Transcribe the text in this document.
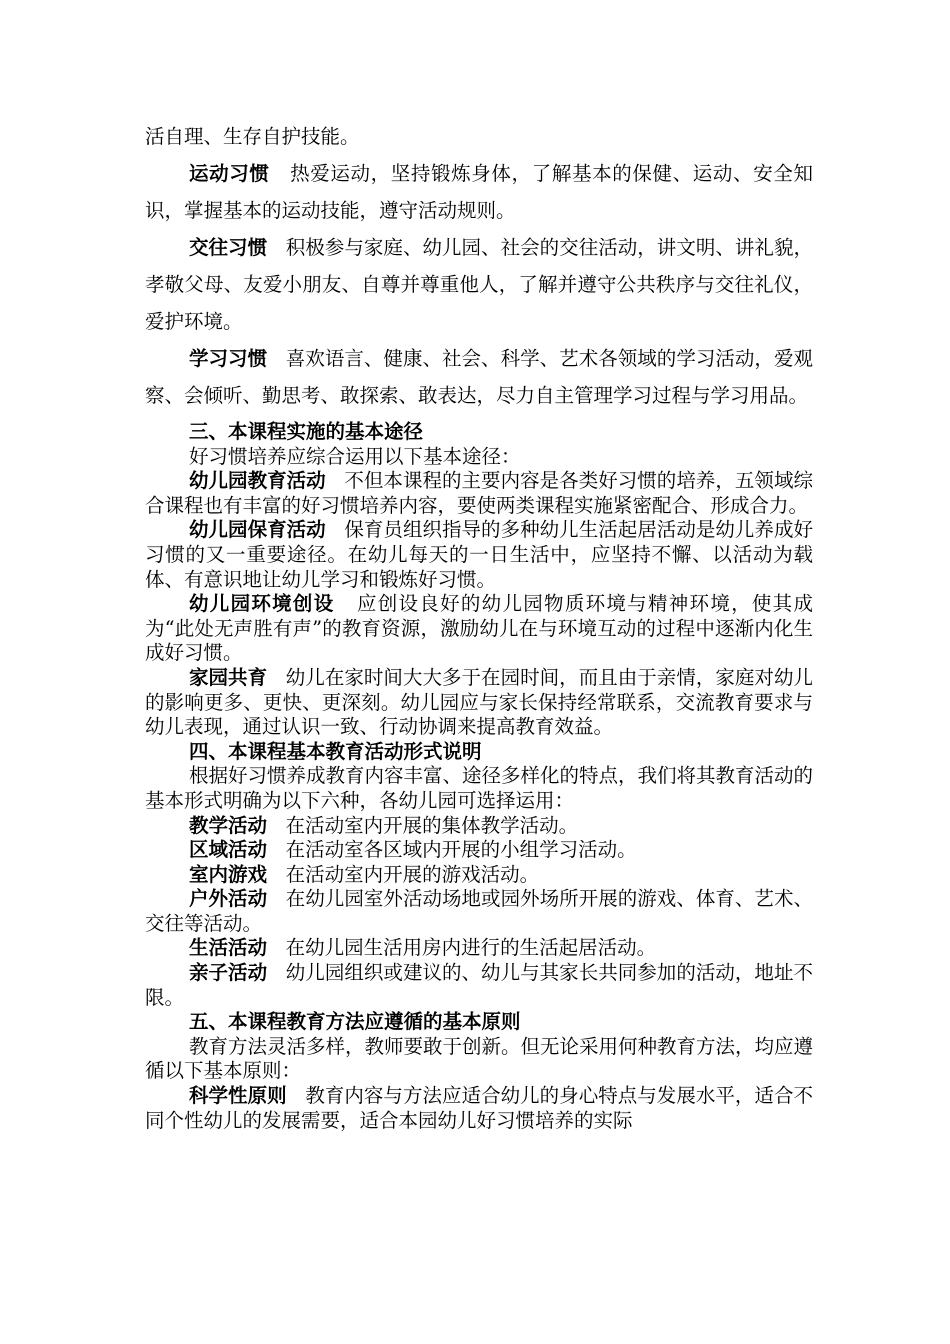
活自理、生存自护技能。

运动习惯 热爱运动，坚持锻炼身体，了解基本的保健、运动、安全知识，掌握基本的运动技能，遵守活动规则。

交往习惯 积极参与家庭、幼儿园、社会的交往活动，讲文明、讲礼貌，孝敬父母、友爱小朋友、自尊并尊重他人，了解并遵守公共秩序与交往礼仪，爱护环境。

学习习惯 喜欢语言、健康、社会、科学、艺术各领域的学习活动，爱观察、会倾听、勤思考、敢探索、敢表达，尽力自主管理学习过程与学习用品。

三、本课程实施的基本途径

好习惯培养应综合运用以下基本途径：

幼儿园教育活动 不但本课程的主要内容是各类好习惯的培养，五领域综合课程也有丰富的好习惯培养内容，要使两类课程实施紧密配合、形成合力。

幼儿园保育活动 保育员组织指导的多种幼儿生活起居活动是幼儿养成好习惯的又一重要途径。在幼儿每天的一日生活中，应坚持不懈、以活动为载体、有意识地让幼儿学习和锻炼好习惯。

幼儿园环境创设 应创设良好的幼儿园物质环境与精神环境，使其成为“此处无声胜有声”的教育资源，激励幼儿在与环境互动的过程中逐渐内化生成好习惯。

家园共育 幼儿在家时间大大多于在园时间，而且由于亲情，家庭对幼儿的影响更多、更快、更深刻。幼儿园应与家长保持经常联系，交流教育要求与幼儿表现，通过认识一致、行动协调来提高教育效益。

四、本课程基本教育活动形式说明

根据好习惯养成教育内容丰富、途径多样化的特点，我们将其教育活动的基本形式明确为以下六种，各幼儿园可选择运用：

教学活动 在活动室内开展的集体教学活动。

区域活动 在活动室各区域内开展的小组学习活动。

室内游戏 在活动室内开展的游戏活动。

户外活动 在幼儿园室外活动场地或园外场所开展的游戏、体育、艺术、交往等活动。

生活活动 在幼儿园生活用房内进行的生活起居活动。

亲子活动 幼儿园组织或建议的、幼儿与其家长共同参加的活动，地址不限。

五、本课程教育方法应遵循的基本原则

教育方法灵活多样，教师要敢于创新。但无论采用何种教育方法，均应遵循以下基本原则：

科学性原则 教育内容与方法应适合幼儿的身心特点与发展水平，适合不同个性幼儿的发展需要，适合本园幼儿好习惯培养的实际
